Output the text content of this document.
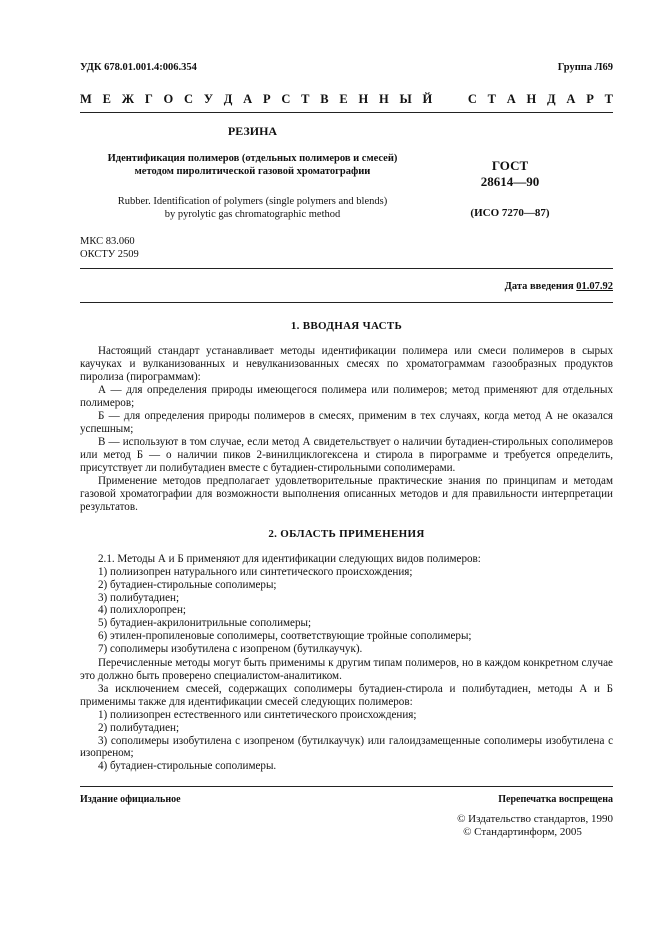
УДК 678.01.001.4:006.354	Группа Л69
М Е Ж Г О С У Д А Р С Т В Е Н Н Ы Й	С Т А Н Д А Р Т
РЕЗИНА
Идентификация полимеров (отдельных полимеров и смесей)
методом пиролитической газовой хроматографии
Rubber. Identification of polymers (single polymers and blends)
by pyrolytic gas chromatographic method
ГОСТ
28614—90
(ИСО 7270—87)
МКС 83.060
ОКСТУ 2509
Дата введения 01.07.92
1. ВВОДНАЯ ЧАСТЬ
Настоящий стандарт устанавливает методы идентификации полимера или смеси полимеров в сырых каучуках и вулканизованных и невулканизованных смесях по хроматограммам газообразных продуктов пиролиза (пирограммам):
А — для определения природы имеющегося полимера или полимеров; метод применяют для отдельных полимеров;
Б — для определения природы полимеров в смесях, применим в тех случаях, когда метод А не оказался успешным;
В — используют в том случае, если метод А свидетельствует о наличии бутадиен-стирольных сополимеров или метод Б — о наличии пиков 2-винилциклогексена и стирола в пирограмме и требуется определить, присутствует ли полибутадиен вместе с бутадиен-стирольными сополимерами.
Применение методов предполагает удовлетворительные практические знания по принципам и методам газовой хроматографии для возможности выполнения описанных методов и для правильности интерпретации результатов.
2. ОБЛАСТЬ ПРИМЕНЕНИЯ
2.1. Методы А и Б применяют для идентификации следующих видов полимеров:
1) полиизопрен натурального или синтетического происхождения;
2) бутадиен-стирольные сополимеры;
3) полибутадиен;
4) полихлоропрен;
5) бутадиен-акрилонитрильные сополимеры;
6) этилен-пропиленовые сополимеры, соответствующие тройные сополимеры;
7) сополимеры изобутилена с изопреном (бутилкаучук).
Перечисленные методы могут быть применимы к другим типам полимеров, но в каждом конкретном случае это должно быть проверено специалистом-аналитиком.
За исключением смесей, содержащих сополимеры бутадиен-стирола и полибутадиен, методы А и Б применимы также для идентификации смесей следующих полимеров:
1) полиизопрен естественного или синтетического происхождения;
2) полибутадиен;
3) сополимеры изобутилена с изопреном (бутилкаучук) или галоидзамещенные сополимеры изобутилена с изопреном;
4) бутадиен-стирольные сополимеры.
Издание официальное	Перепечатка воспрещена
© Издательство стандартов, 1990
© Стандартинформ, 2005
